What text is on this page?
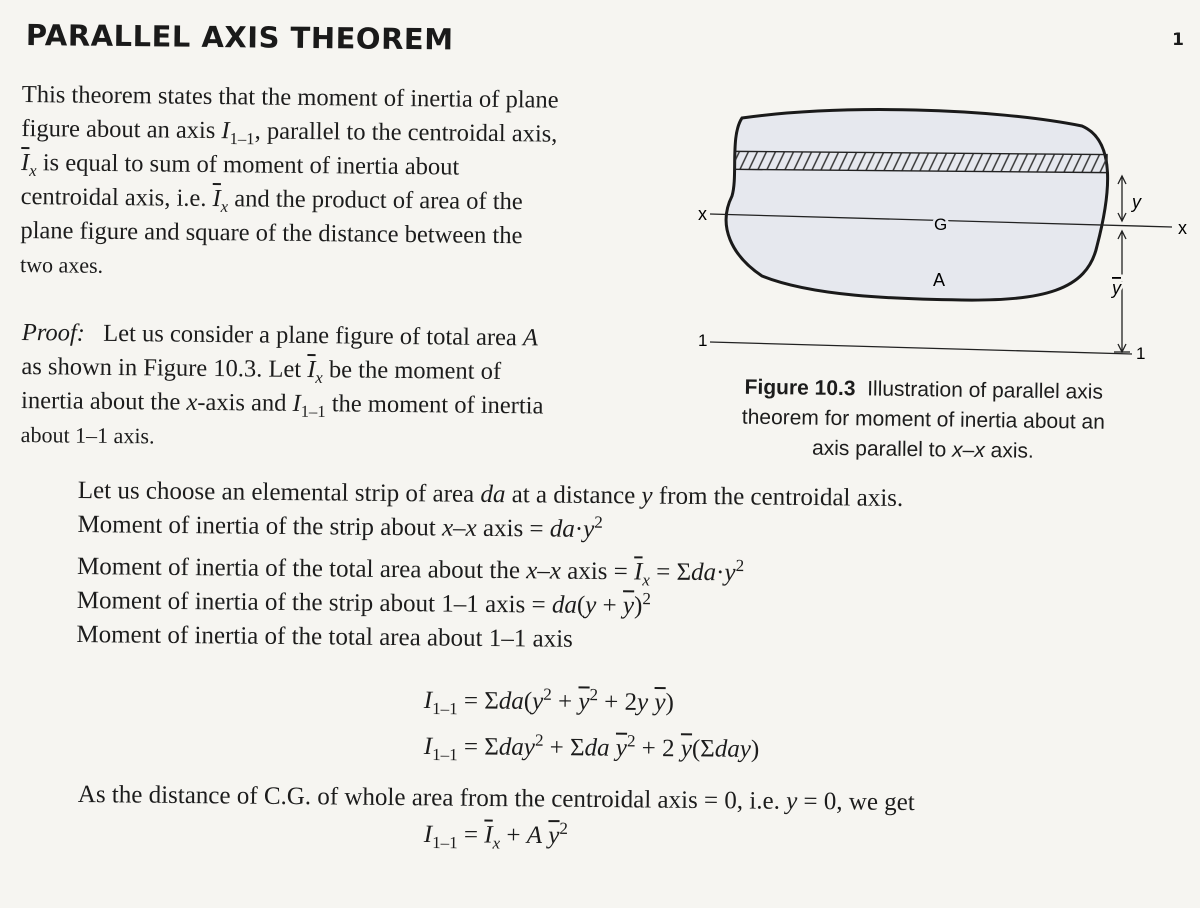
PARALLEL AXIS THEOREM	1
This theorem states that the moment of inertia of plane
figure about an axis $I_{1-1}$, parallel to the centroidal axis,
$\overline{I}_x$ is equal to sum of moment of inertia about
centroidal axis, i.e. $\overline{I}_x$ and the product of area of the
plane figure and square of the distance between the
two axes.
Proof:   Let us consider a plane figure of total area A
as shown in Figure 10.3. Let $\overline{I}_x$ be the moment of
inertia about the x-axis and $I_{1-1}$ the moment of inertia
about 1–1 axis.
x
x
G
A
y
y
1
1
Figure 10.3 Illustration of parallel axis
theorem for moment of inertia about an
axis parallel to x–x axis.
Let us choose an elemental strip of area da at a distance y from the centroidal axis.
Moment of inertia of the strip about x–x axis = $da\cdot y^2$
Moment of inertia of the total area about the x–x axis = $\overline{I}_x = \Sigma da\cdot y^2$
Moment of inertia of the strip about 1–1 axis = $da(y + \overline{y})^2$
Moment of inertia of the total area about 1–1 axis
$I_{1-1} = \Sigma da(y^2 + \overline{y}^2 + 2y$ $\overline{y}$)
$I_{1-1} = \Sigma day^2 + \Sigma da$ $\overline{y}^2 + 2$ $\overline{y}(\Sigma day)$
As the distance of C.G. of whole area from the centroidal axis = 0, i.e. y = 0, we get
$I_{1-1} = \overline{I}_x + A$ $\overline{y}^2$
